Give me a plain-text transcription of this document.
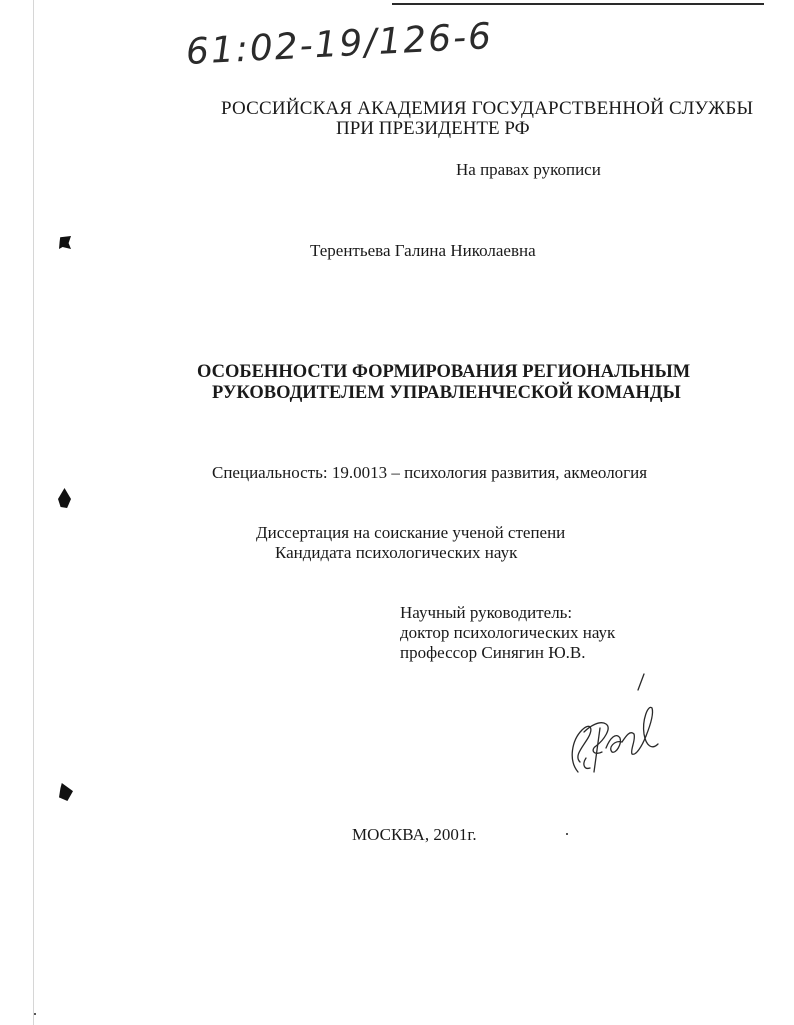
61:02-19/126-6
РОССИЙСКАЯ АКАДЕМИЯ ГОСУДАРСТВЕННОЙ СЛУЖБЫ
ПРИ ПРЕЗИДЕНТЕ РФ
На правах рукописи
Терентьева Галина Николаевна
ОСОБЕННОСТИ ФОРМИРОВАНИЯ РЕГИОНАЛЬНЫМ
РУКОВОДИТЕЛЕМ УПРАВЛЕНЧЕСКОЙ КОМАНДЫ
Специальность: 19.0013 – психология развития, акмеология
Диссертация на соискание ученой степени
Кандидата психологических наук
Научный руководитель:
доктор психологических наук
профессор Синягин Ю.В.
МОСКВА, 2001г.
